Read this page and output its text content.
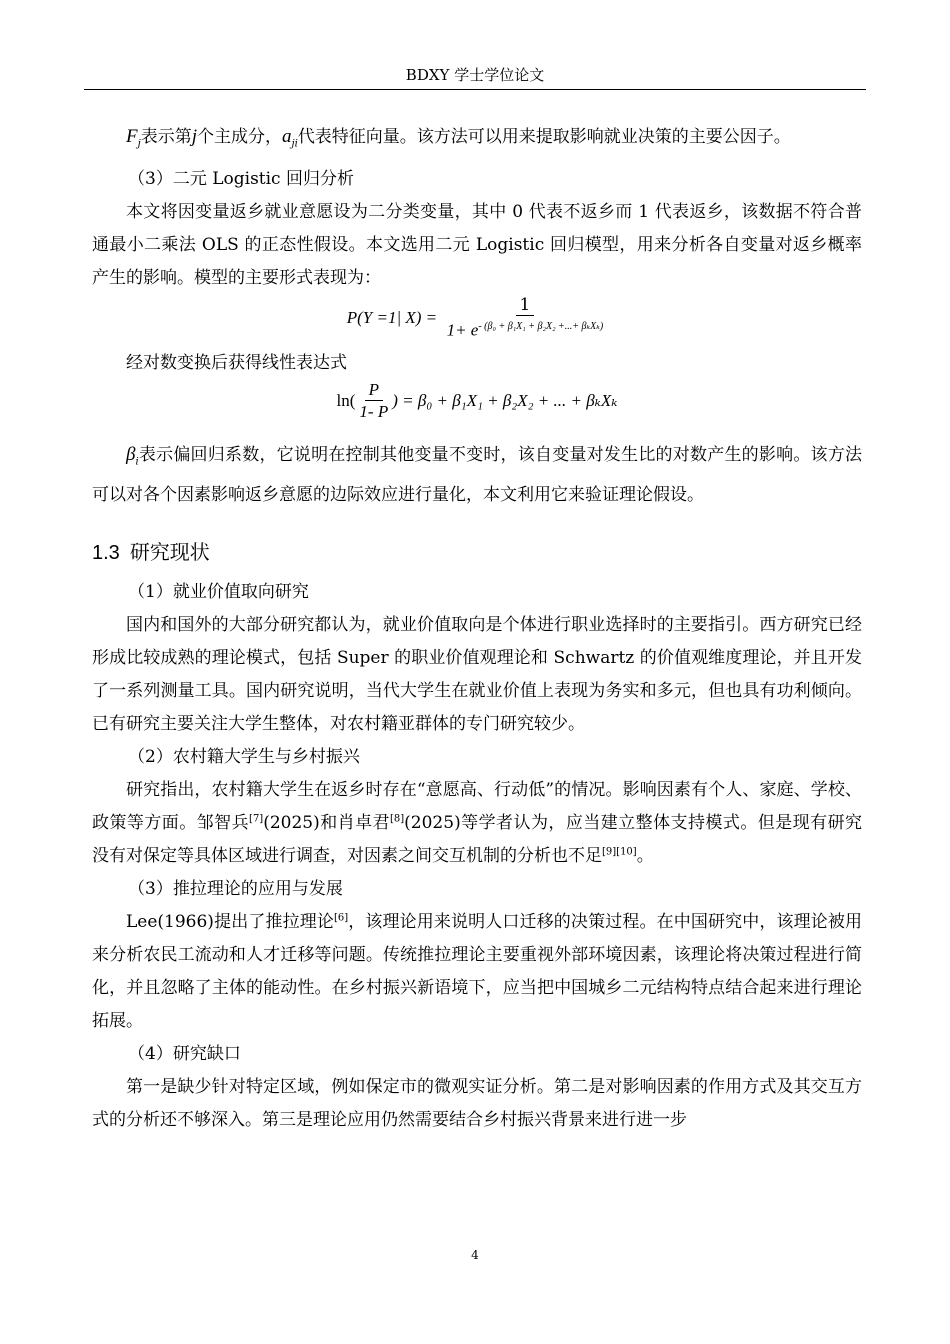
BDXY 学士学位论文

$F_j$表示第j个主成分，$a_{ji}$代表特征向量。该方法可以用来提取影响就业决策的主要公因子。

（3）二元 Logistic 回归分析

本文将因变量返乡就业意愿设为二分类变量，其中 0 代表不返乡而 1 代表返乡，该数据不符合普通最小二乘法 OLS 的正态性假设。本文选用二元 Logistic 回归模型，用来分析各自变量对返乡概率产生的影响。模型的主要形式表现为：

P(Y =1| $X) = \frac{1}{1+ e^{- (\beta_0 + \beta_1X_1 + \beta_2X_2 +...+ \beta_kX_k)}}$

经对数变换后获得线性表达式

$\ln( \frac{P}{1- P}$ ) = β₀ + β₁X₁ + β₂X₂ + ... + βₖXₖ

$\beta_i$表示偏回归系数，它说明在控制其他变量不变时，该自变量对发生比的对数产生的影响。该方法可以对各个因素影响返乡意愿的边际效应进行量化，本文利用它来验证理论假设。

1.3 研究现状

（1）就业价值取向研究

国内和国外的大部分研究都认为，就业价值取向是个体进行职业选择时的主要指引。西方研究已经形成比较成熟的理论模式，包括 Super 的职业价值观理论和 Schwartz 的价值观维度理论，并且开发了一系列测量工具。国内研究说明，当代大学生在就业价值上表现为务实和多元，但也具有功利倾向。已有研究主要关注大学生整体，对农村籍亚群体的专门研究较少。

（2）农村籍大学生与乡村振兴

研究指出，农村籍大学生在返乡时存在“意愿高、行动低”的情况。影响因素有个人、家庭、学校、政策等方面。邹智兵[7](2025)和肖卓君[8](2025)等学者认为，应当建立整体支持模式。但是现有研究没有对保定等具体区域进行调查，对因素之间交互机制的分析也不足[9][10]。

（3）推拉理论的应用与发展

Lee(1966)提出了推拉理论[6]，该理论用来说明人口迁移的决策过程。在中国研究中，该理论被用来分析农民工流动和人才迁移等问题。传统推拉理论主要重视外部环境因素，该理论将决策过程进行简化，并且忽略了主体的能动性。在乡村振兴新语境下，应当把中国城乡二元结构特点结合起来进行理论拓展。

（4）研究缺口

第一是缺少针对特定区域，例如保定市的微观实证分析。第二是对影响因素的作用方式及其交互方式的分析还不够深入。第三是理论应用仍然需要结合乡村振兴背景来进行进一步

4
